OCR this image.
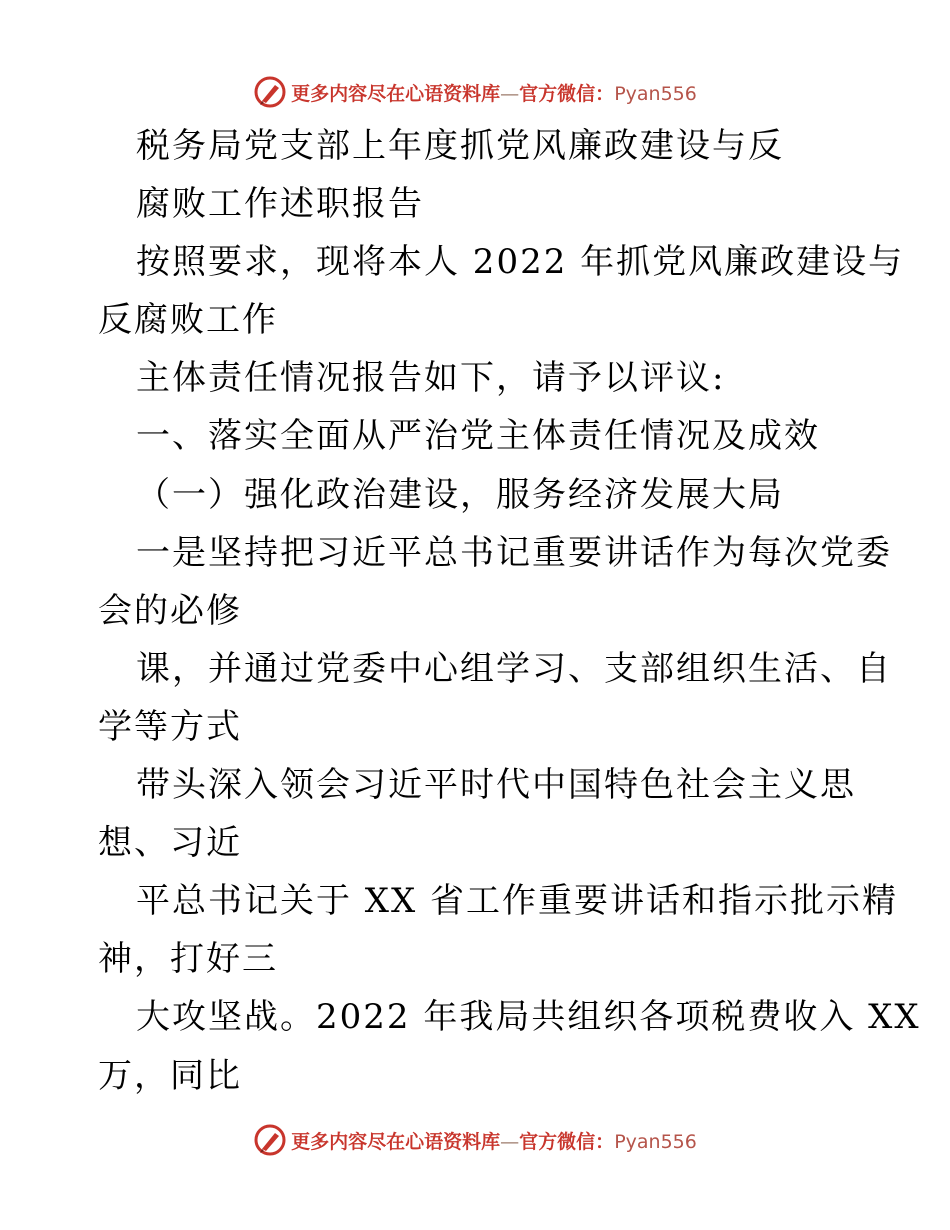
更多内容尽在心语资料库—官方微信：Pyan556
税务局党支部上年度抓党风廉政建设与反
腐败工作述职报告
按照要求，现将本人 2022 年抓党风廉政建设与
反腐败工作
主体责任情况报告如下，请予以评议:
一、落实全面从严治党主体责任情况及成效
（一）强化政治建设，服务经济发展大局
一是坚持把习近平总书记重要讲话作为每次党委
会的必修
课，并通过党委中心组学习、支部组织生活、自
学等方式
带头深入领会习近平时代中国特色社会主义思
想、习近
平总书记关于 XX 省工作重要讲话和指示批示精
神，打好三
大攻坚战。2022 年我局共组织各项税费收入 XX
万，同比
更多内容尽在心语资料库—官方微信：Pyan556
